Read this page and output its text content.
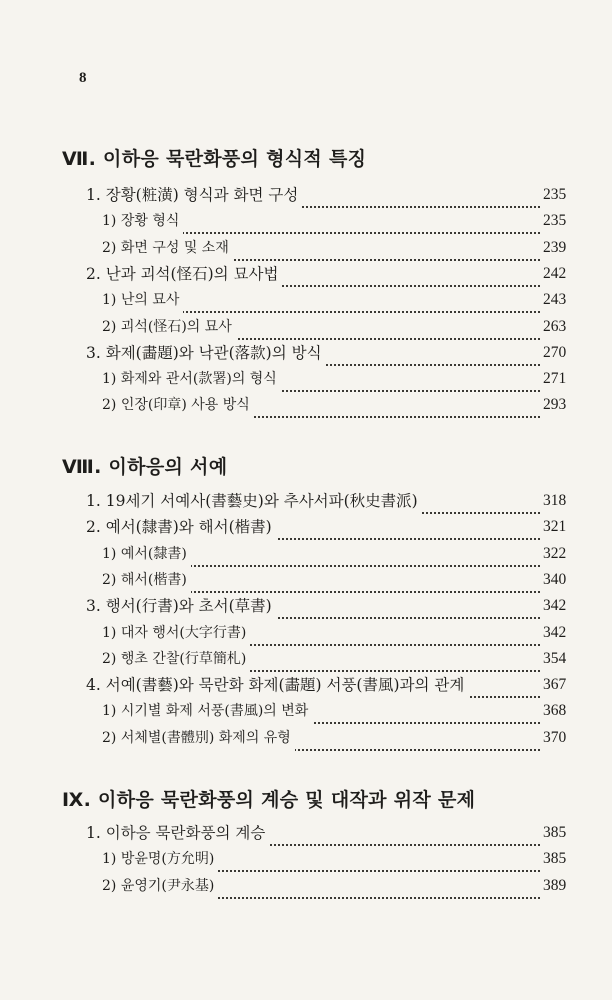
8
Ⅶ. 이하응 묵란화풍의 형식적 특징
1. 장황(粧潢) 형식과 화면 구성	235
1) 장황 형식	235
2) 화면 구성 및 소재	239
2. 난과 괴석(怪石)의 묘사법	242
1) 난의 묘사	243
2) 괴석(怪石)의 묘사	263
3. 화제(畵題)와 낙관(落款)의 방식	270
1) 화제와 관서(款署)의 형식	271
2) 인장(印章) 사용 방식	293
Ⅷ. 이하응의 서예
1. 19세기 서예사(書藝史)와 추사서파(秋史書派)	318
2. 예서(隸書)와 해서(楷書)	321
1) 예서(隸書)	322
2) 해서(楷書)	340
3. 행서(行書)와 초서(草書)	342
1) 대자 행서(大字行書)	342
2) 행초 간찰(行草簡札)	354
4. 서예(書藝)와 묵란화 화제(畵題) 서풍(書風)과의 관계	367
1) 시기별 화제 서풍(書風)의 변화	368
2) 서체별(書體別) 화제의 유형	370
Ⅸ. 이하응 묵란화풍의 계승 및 대작과 위작 문제
1. 이하응 묵란화풍의 계승	385
1) 방윤명(方允明)	385
2) 윤영기(尹永基)	389
